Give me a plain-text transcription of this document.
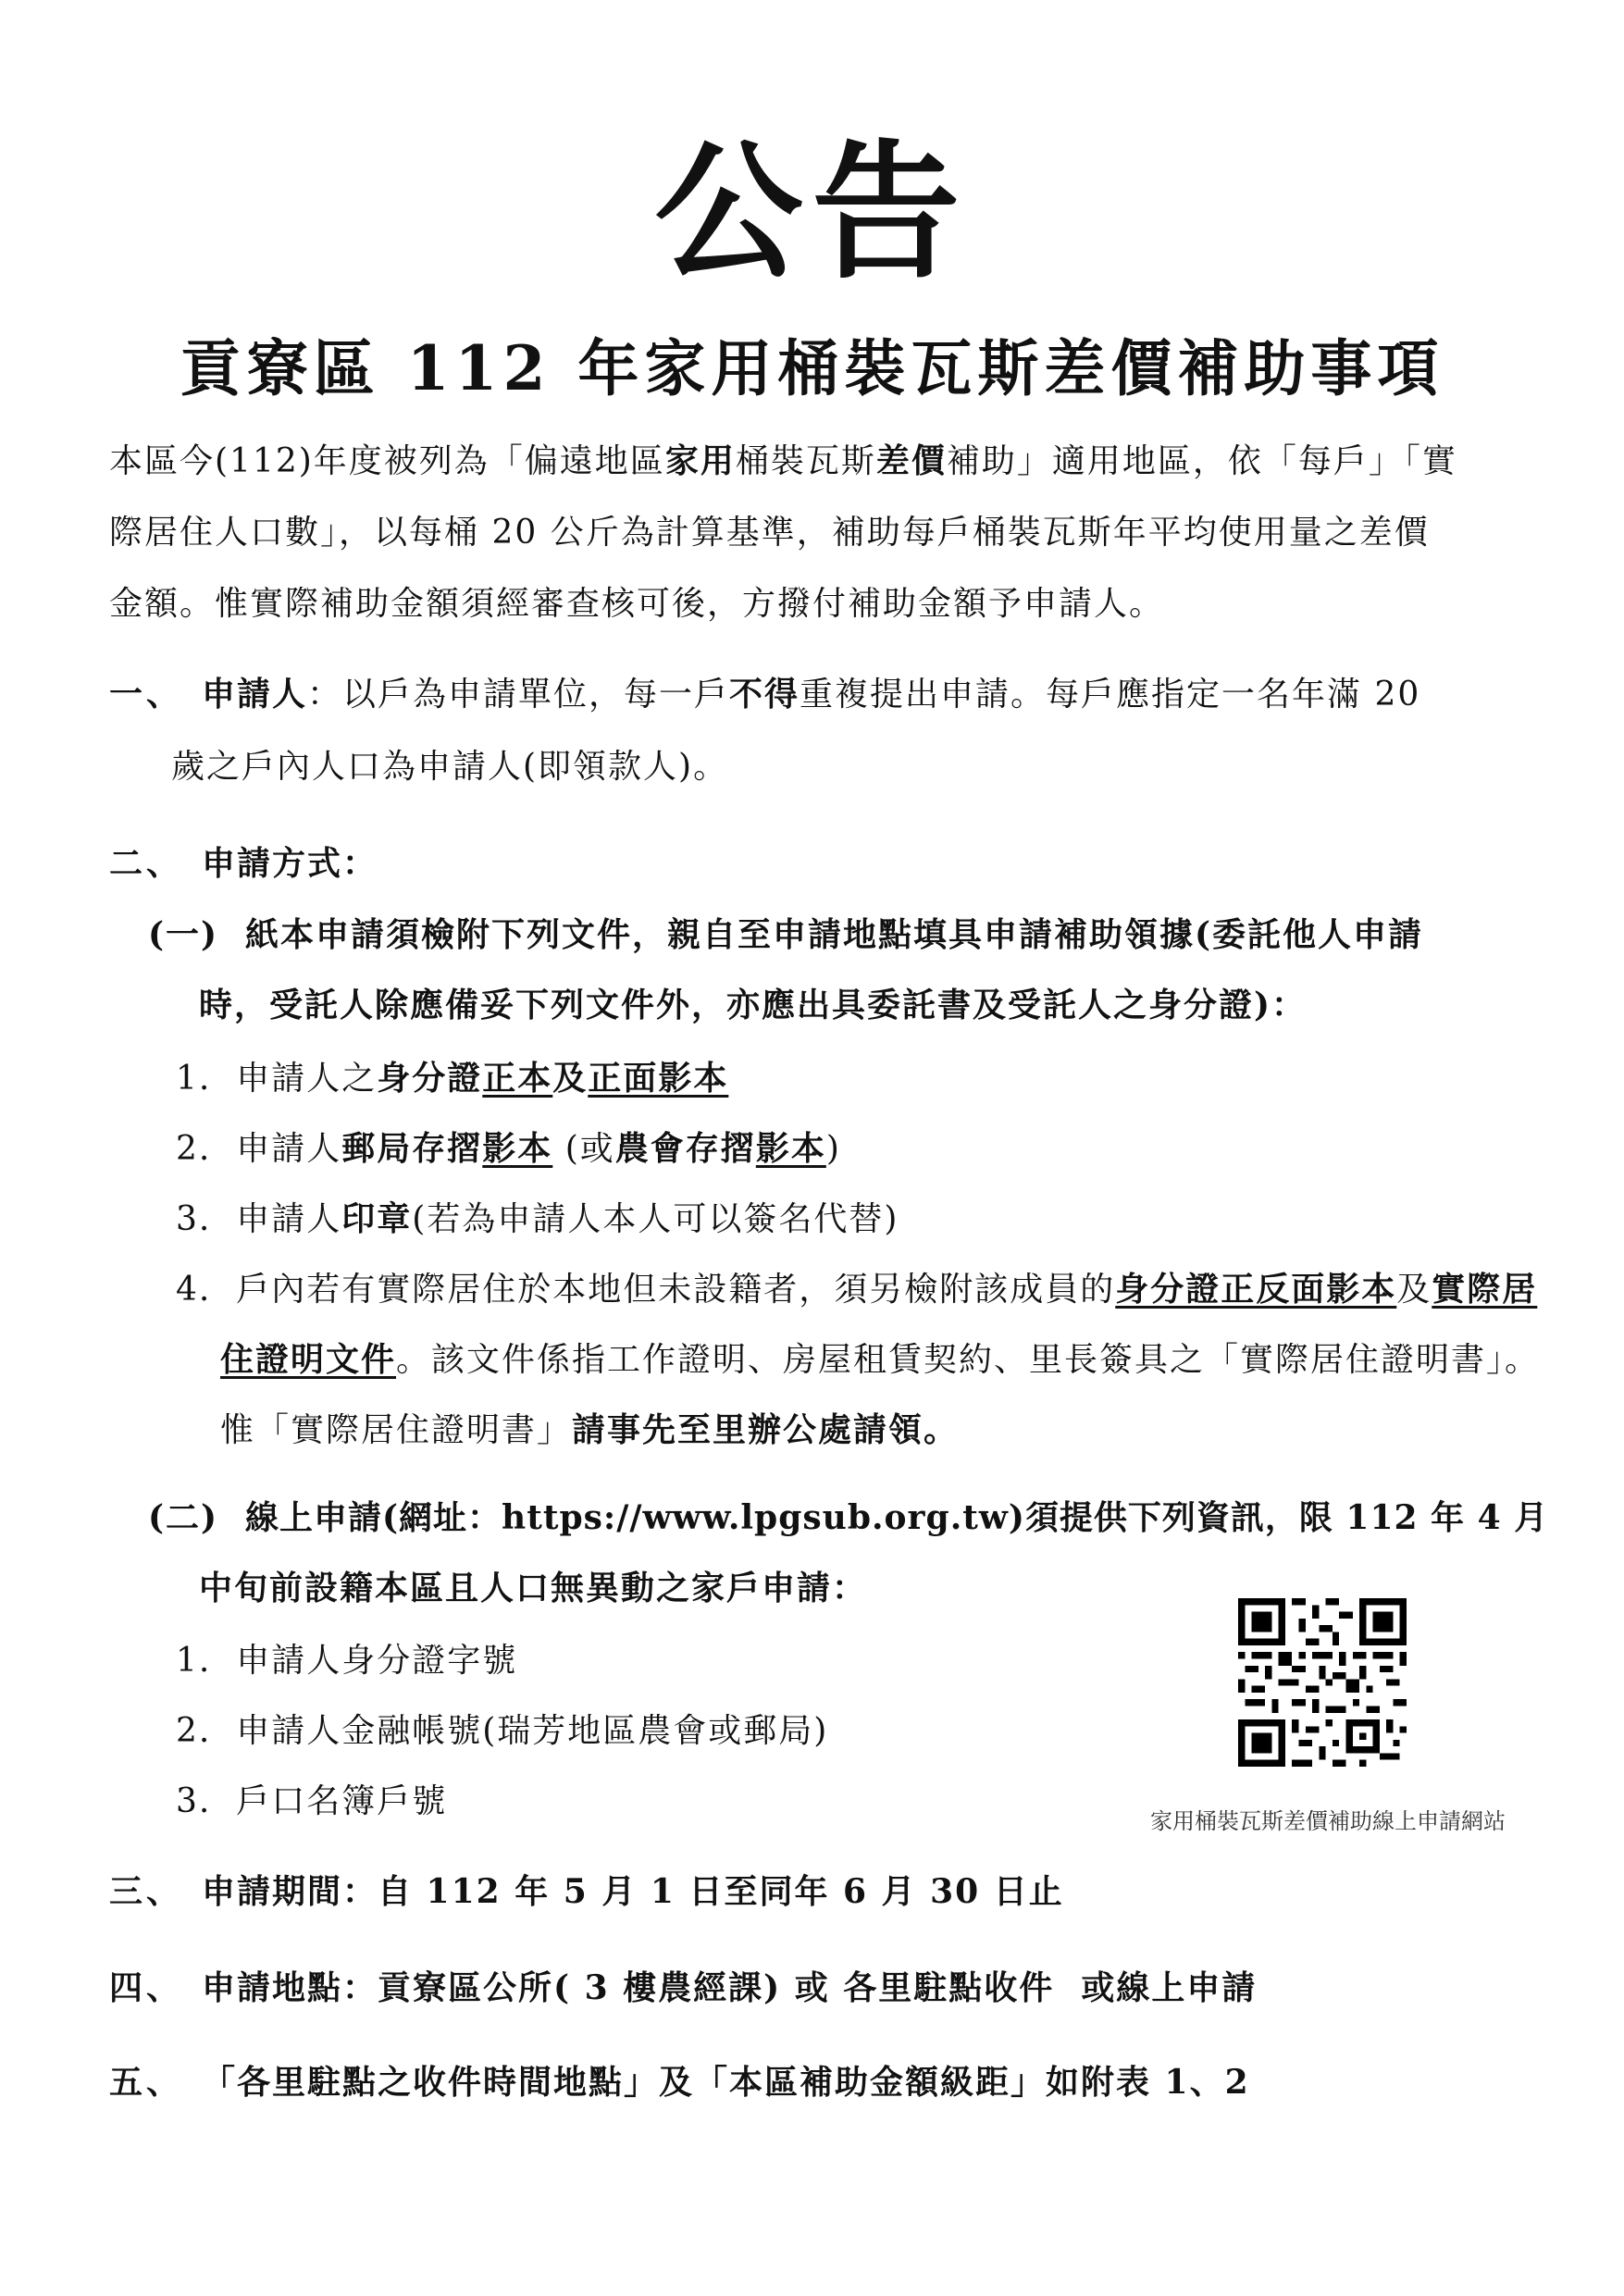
公告
貢寮區 112 年家用桶裝瓦斯差價補助事項
本區今(112)年度被列為「偏遠地區家用桶裝瓦斯差價補助」適用地區，依「每戶」「實
際居住人口數」，以每桶 20 公斤為計算基準，補助每戶桶裝瓦斯年平均使用量之差價
金額。惟實際補助金額須經審查核可後，方撥付補助金額予申請人。
一、 申請人：以戶為申請單位，每一戶不得重複提出申請。每戶應指定一名年滿 20
歲之戶內人口為申請人(即領款人)。
二、 申請方式：
(一) 紙本申請須檢附下列文件，親自至申請地點填具申請補助領據(委託他人申請
時，受託人除應備妥下列文件外，亦應出具委託書及受託人之身分證)：
1. 申請人之身分證正本及正面影本
2. 申請人郵局存摺影本 (或農會存摺影本)
3. 申請人印章(若為申請人本人可以簽名代替)
4. 戶內若有實際居住於本地但未設籍者，須另檢附該成員的身分證正反面影本及實際居
住證明文件。該文件係指工作證明、房屋租賃契約、里長簽具之「實際居住證明書」。
惟「實際居住證明書」請事先至里辦公處請領。
(二) 線上申請(網址：https://www.lpgsub.org.tw)須提供下列資訊，限 112 年 4 月
中旬前設籍本區且人口無異動之家戶申請：
1. 申請人身分證字號
2. 申請人金融帳號(瑞芳地區農會或郵局)
3. 戶口名簿戶號
家用桶裝瓦斯差價補助線上申請網站
三、 申請期間：自 112 年 5 月 1 日至同年 6 月 30 日止
四、 申請地點：貢寮區公所( 3 樓農經課) 或 各里駐點收件  或線上申請
五、 「各里駐點之收件時間地點」及「本區補助金額級距」如附表 1、2
